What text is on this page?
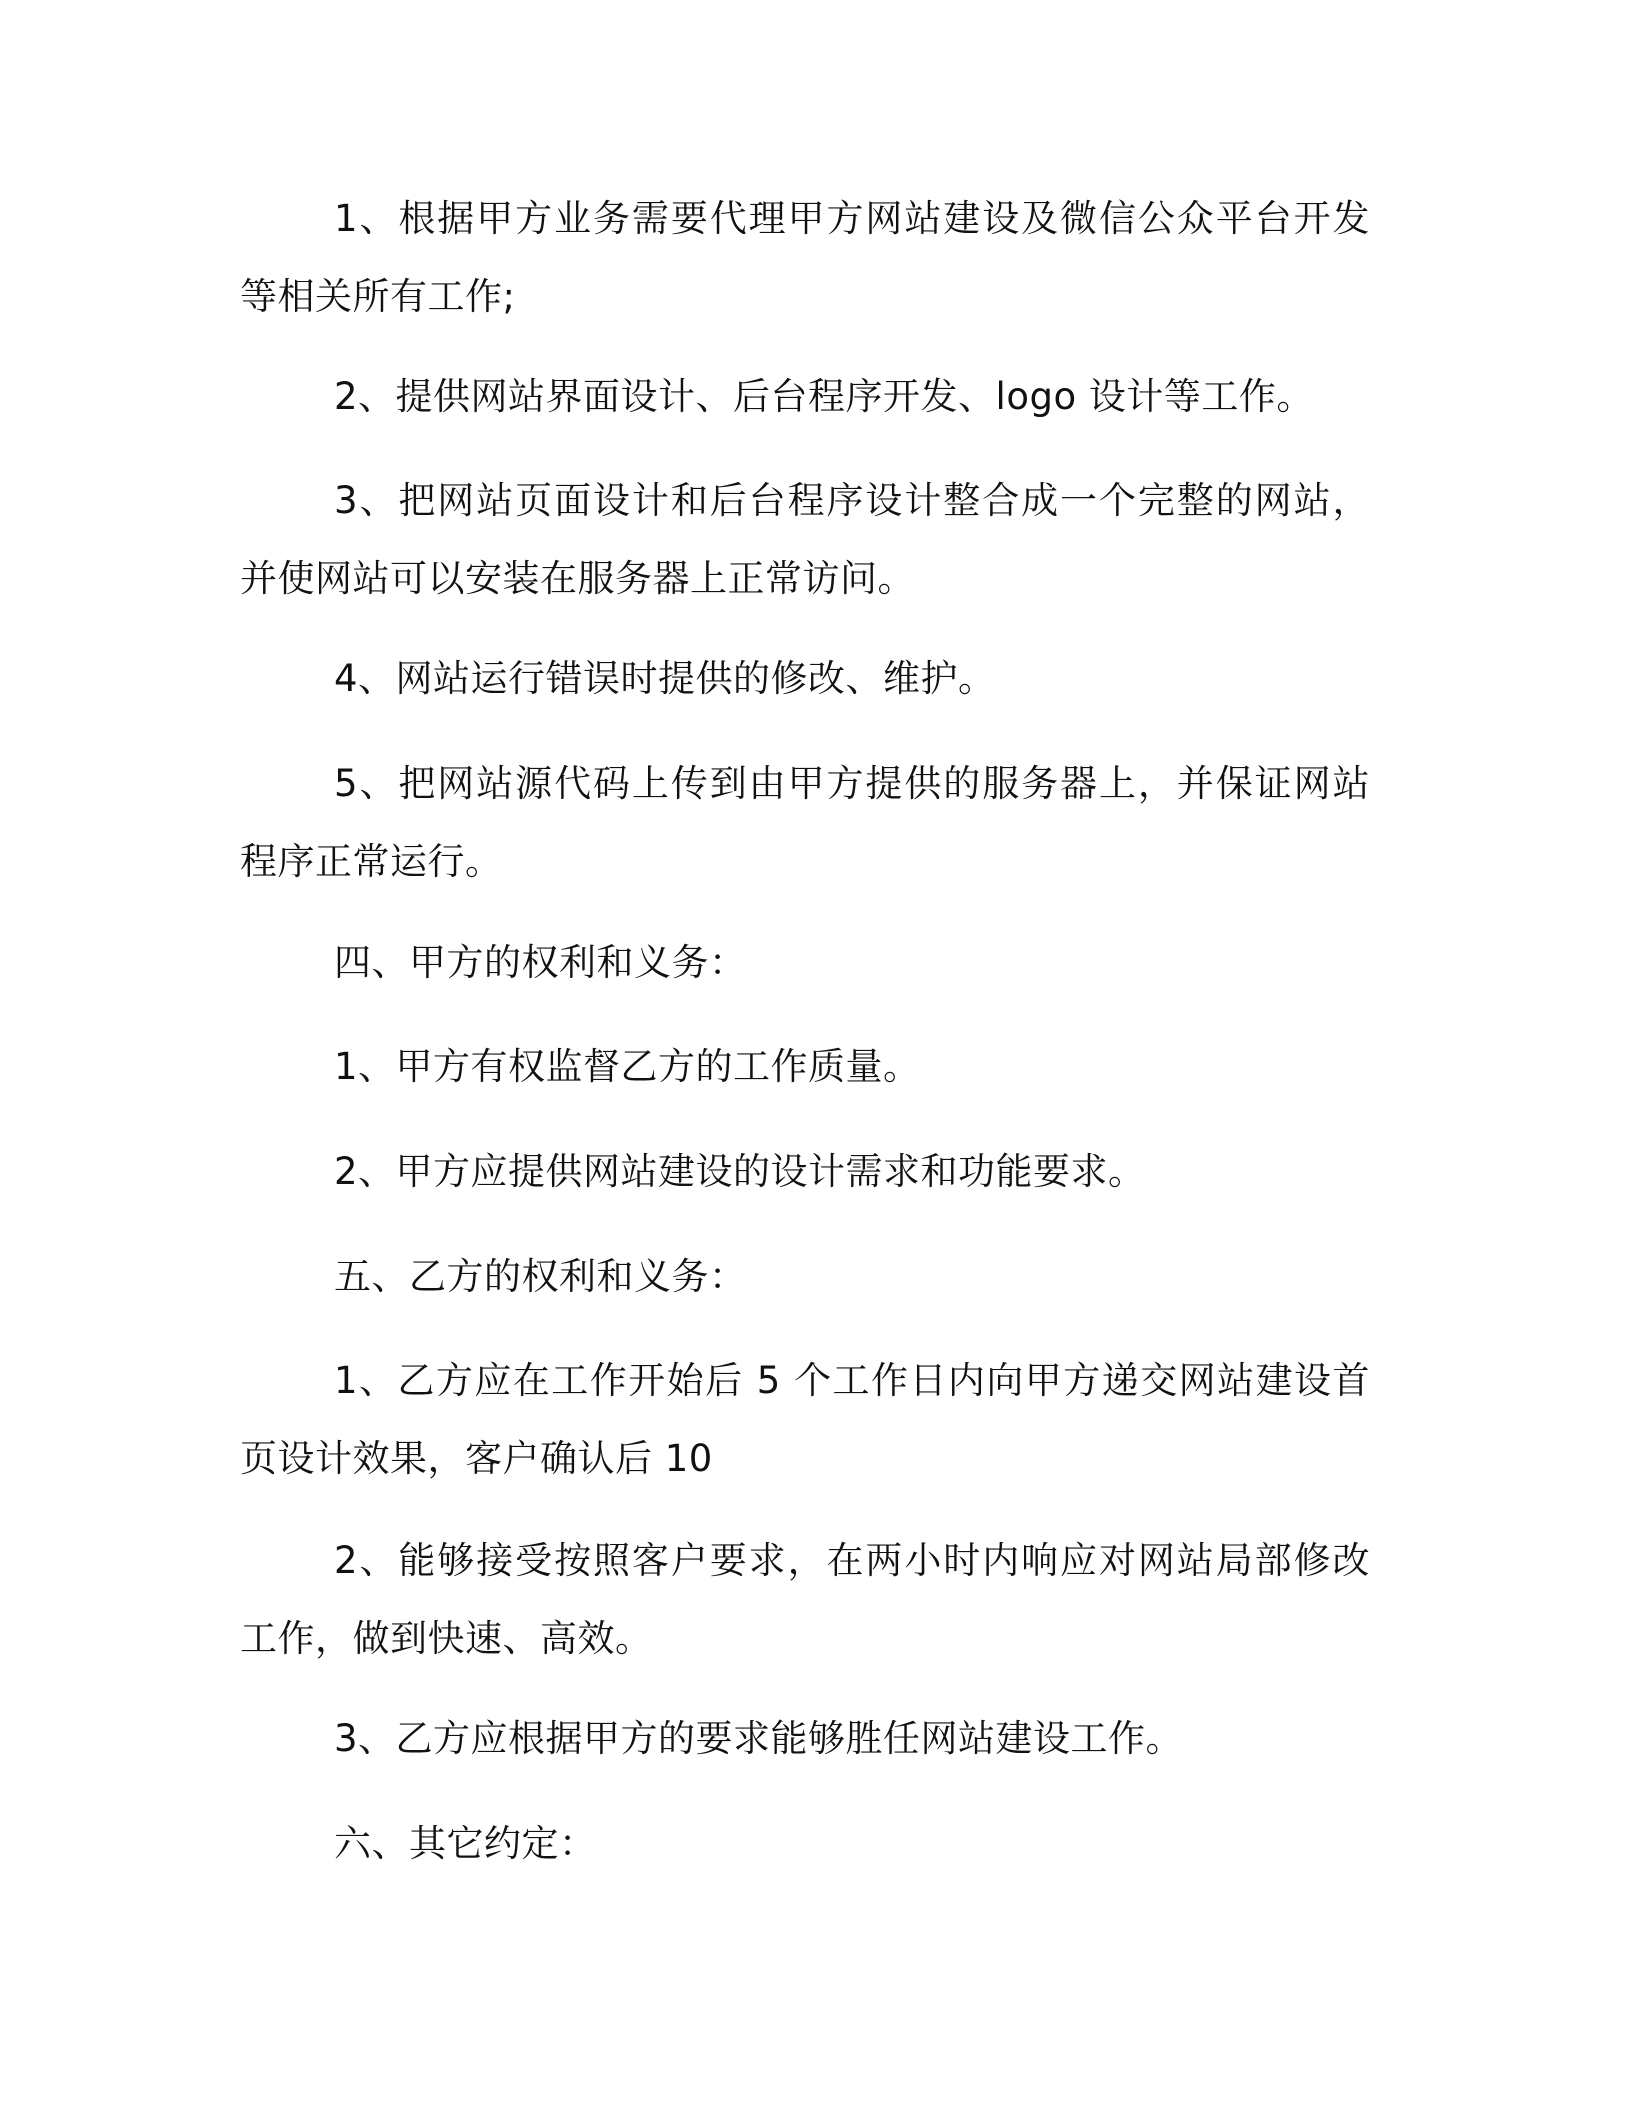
1、根据甲方业务需要代理甲方网站建设及微信公众平台开发等相关所有工作;

2、提供网站界面设计、后台程序开发、logo 设计等工作。

3、把网站页面设计和后台程序设计整合成一个完整的网站，并使网站可以安装在服务器上正常访问。

4、网站运行错误时提供的修改、维护。

5、把网站源代码上传到由甲方提供的服务器上，并保证网站程序正常运行。

四、甲方的权利和义务：

1、甲方有权监督乙方的工作质量。

2、甲方应提供网站建设的设计需求和功能要求。

五、乙方的权利和义务：

1、乙方应在工作开始后 5 个工作日内向甲方递交网站建设首页设计效果，客户确认后 10

2、能够接受按照客户要求，在两小时内响应对网站局部修改工作，做到快速、高效。

3、乙方应根据甲方的要求能够胜任网站建设工作。

六、其它约定：
